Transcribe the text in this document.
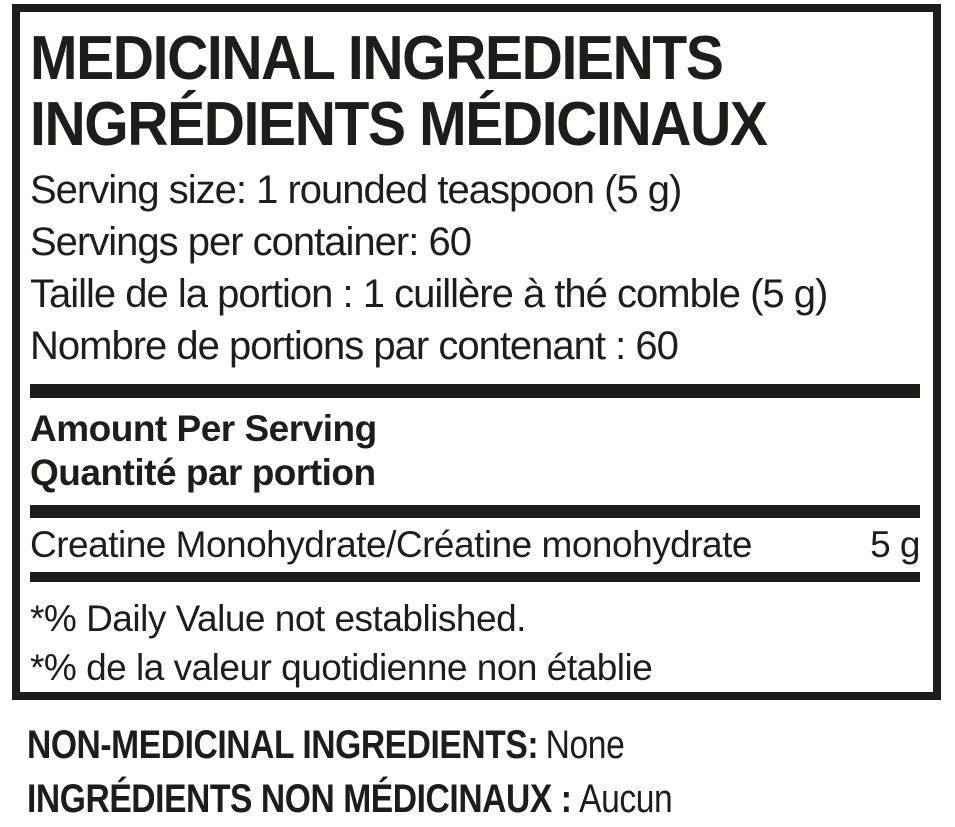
MEDICINAL INGREDIENTS
INGRÉDIENTS MÉDICINAUX
Serving size: 1 rounded teaspoon (5 g)
Servings per container: 60
Taille de la portion : 1 cuillère à thé comble (5 g)
Nombre de portions par contenant : 60
Amount Per Serving
Quantité par portion
Creatine Monohydrate/Créatine monohydrate	5 g
*% Daily Value not established.
*% de la valeur quotidienne non établie
NON-MEDICINAL INGREDIENTS: None
INGRÉDIENTS NON MÉDICINAUX : Aucun
